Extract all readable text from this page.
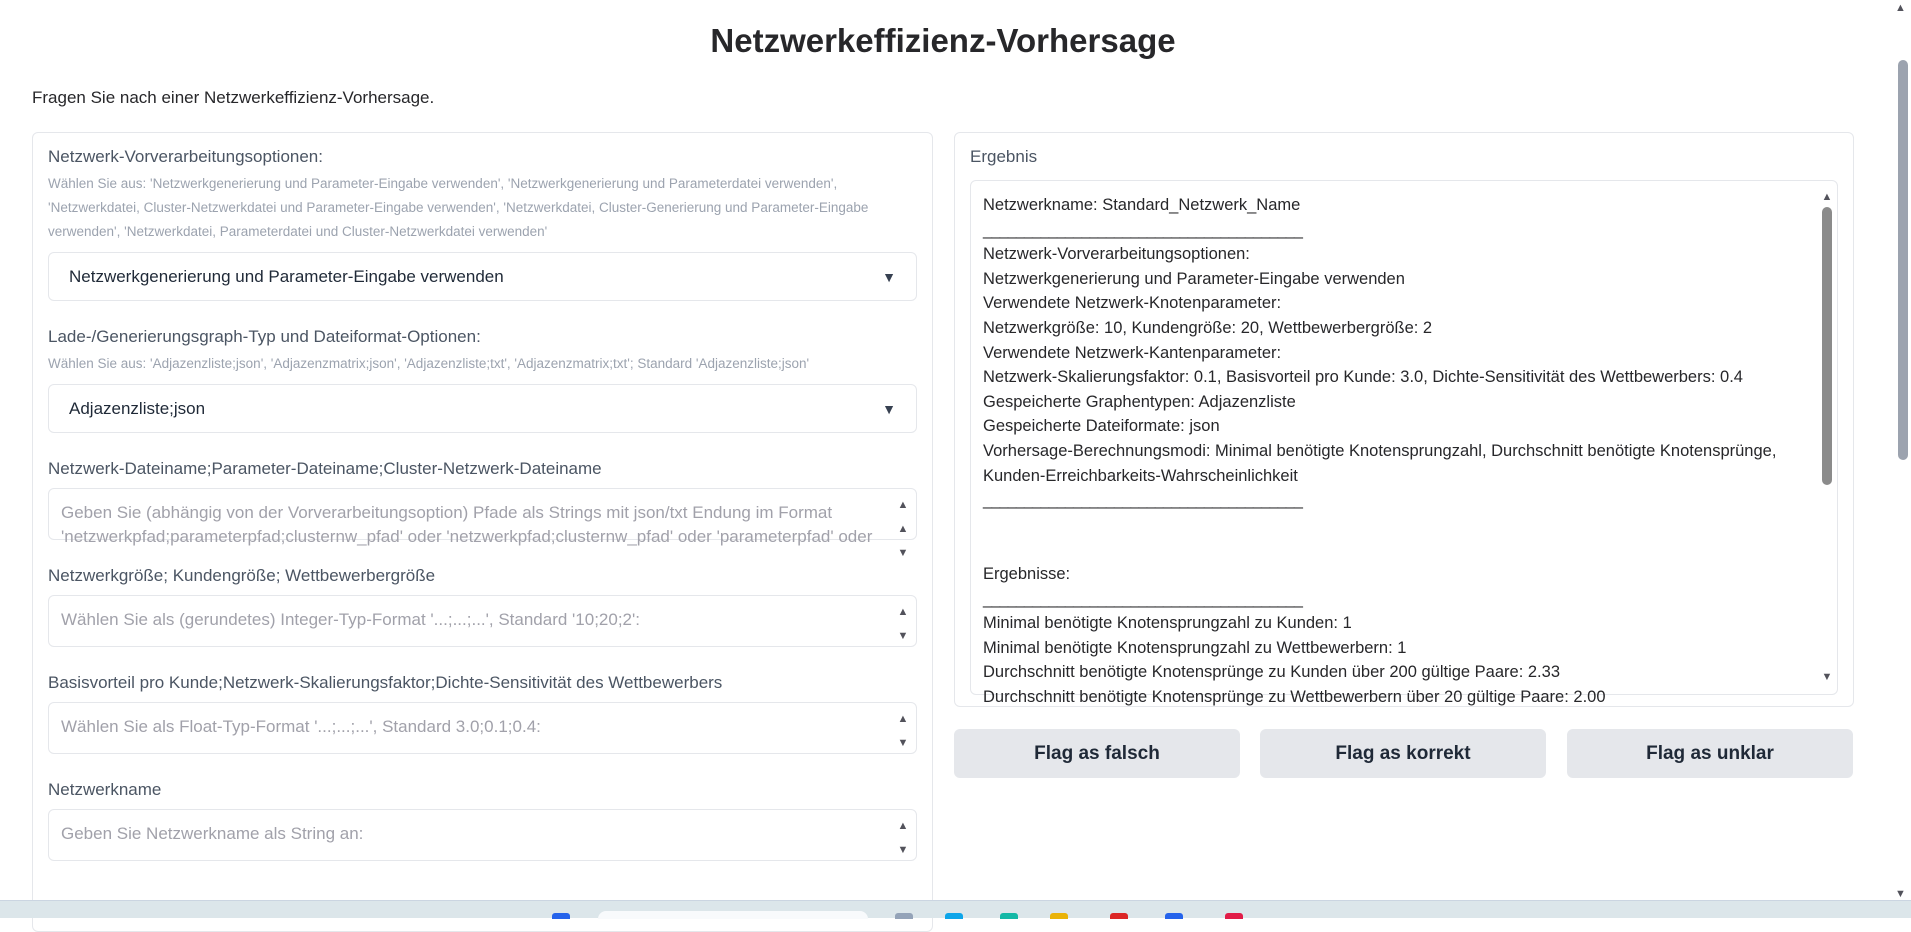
Netzwerkeffizienz-Vorhersage
Fragen Sie nach einer Netzwerkeffizienz-Vorhersage.
Netzwerk-Vorverarbeitungsoptionen:
Wählen Sie aus: 'Netzwerkgenerierung und Parameter-Eingabe verwenden', 'Netzwerkgenerierung und Parameterdatei verwenden', 'Netzwerkdatei, Cluster-Netzwerkdatei und Parameter-Eingabe verwenden', 'Netzwerkdatei, Cluster-Generierung und Parameter-Eingabe verwenden', 'Netzwerkdatei, Parameterdatei und Cluster-Netzwerkdatei verwenden'
Netzwerkgenerierung und Parameter-Eingabe verwenden	▼
Lade-/Generierungsgraph-Typ und Dateiformat-Optionen:
Wählen Sie aus: 'Adjazenzliste;json', 'Adjazenzmatrix;json', 'Adjazenzliste;txt', 'Adjazenzmatrix;txt'; Standard 'Adjazenzliste;json'
Adjazenzliste;json	▼
Netzwerk-Dateiname;Parameter-Dateiname;Cluster-Netzwerk-Dateiname
Geben Sie (abhängig von der Vorverarbeitungsoption) Pfade als Strings mit json/txt Endung im Format
'netzwerkpfad;parameterpfad;clusternw_pfad' oder 'netzwerkpfad;clusternw_pfad' oder 'parameterpfad' oder
▲
▲
▼
Netzwerkgröße; Kundengröße; Wettbewerbergröße
Wählen Sie als (gerundetes) Integer-Typ-Format '...;...;...', Standard '10;20;2':	▲
▼
Basisvorteil pro Kunde;Netzwerk-Skalierungsfaktor;Dichte-Sensitivität des Wettbewerbers
Wählen Sie als Float-Typ-Format '...;...;...', Standard 3.0;0.1;0.4:	▲
▼
Netzwerkname
Geben Sie Netzwerkname als String an:	▲
▼
Ergebnis
Netzwerkname: Standard_Netzwerk_Name
_______________________________________
Netzwerk-Vorverarbeitungsoptionen:
Netzwerkgenerierung und Parameter-Eingabe verwenden
Verwendete Netzwerk-Knotenparameter:
Netzwerkgröße: 10, Kundengröße: 20, Wettbewerbergröße: 2
Verwendete Netzwerk-Kantenparameter:
Netzwerk-Skalierungsfaktor: 0.1, Basisvorteil pro Kunde: 3.0, Dichte-Sensitivität des Wettbewerbers: 0.4
Gespeicherte Graphentypen: Adjazenzliste
Gespeicherte Dateiformate: json
Vorhersage-Berechnungsmodi: Minimal benötigte Knotensprungzahl, Durchschnitt benötigte Knotensprünge,
Kunden-Erreichbarkeits-Wahrscheinlichkeit
_______________________________________
Ergebnisse:
_______________________________________
Minimal benötigte Knotensprungzahl zu Kunden: 1
Minimal benötigte Knotensprungzahl zu Wettbewerbern: 1
Durchschnitt benötigte Knotensprünge zu Kunden über 200 gültige Paare: 2.33
Durchschnitt benötigte Knotensprünge zu Wettbewerbern über 20 gültige Paare: 2.00
▲
▼
Flag as falsch	Flag as korrekt	Flag as unklar
▲
▼
